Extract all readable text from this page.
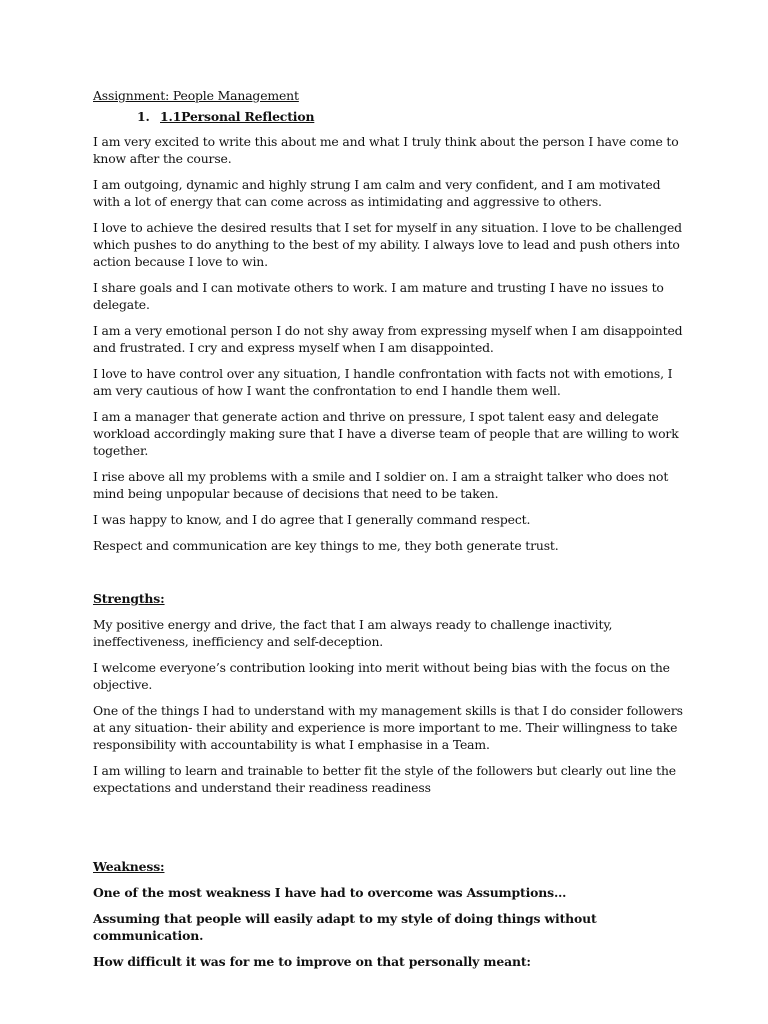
Assignment: People Management

1. 1.1Personal Reflection

I am very excited to write this about me and what I truly think about the person I have come to know after the course.

I am outgoing, dynamic and highly strung I am calm and very confident, and I am motivated with a lot of energy that can come across as intimidating and aggressive to others.

I love to achieve the desired results that I set for myself in any situation. I love to be challenged which pushes to do anything to the best of my ability. I always love to lead and push others into action because I love to win.

I share goals and I can motivate others to work. I am mature and trusting I have no issues to delegate.

I am a very emotional person I do not shy away from expressing myself when I am disappointed and frustrated. I cry and express myself when I am disappointed.

I love to have control over any situation, I handle confrontation with facts not with emotions, I am very cautious of how I want the confrontation to end I handle them well.

I am a manager that generate action and thrive on pressure, I spot talent easy and delegate workload accordingly making sure that I have a diverse team of people that are willing to work together.

I rise above all my problems with a smile and I soldier on. I am a straight talker who does not mind being unpopular because of decisions that need to be taken.

I was happy to know, and I do agree that I generally command respect.

Respect and communication are key things to me, they both generate trust.

Strengths:

My positive energy and drive, the fact that I am always ready to challenge inactivity, ineffectiveness, inefficiency and self-deception.

I welcome everyone’s contribution looking into merit without being bias with the focus on the objective.

One of the things I had to understand with my management skills is that I do consider followers at any situation- their ability and experience is more important to me. Their willingness to take responsibility with accountability is what I emphasise in a Team.

I am willing to learn and trainable to better fit the style of the followers but clearly out line the expectations and understand their readiness readiness

Weakness:

One of the most weakness I have had to overcome was Assumptions…

Assuming that people will easily adapt to my style of doing things without communication.

How difficult it was for me to improve on that personally meant:
